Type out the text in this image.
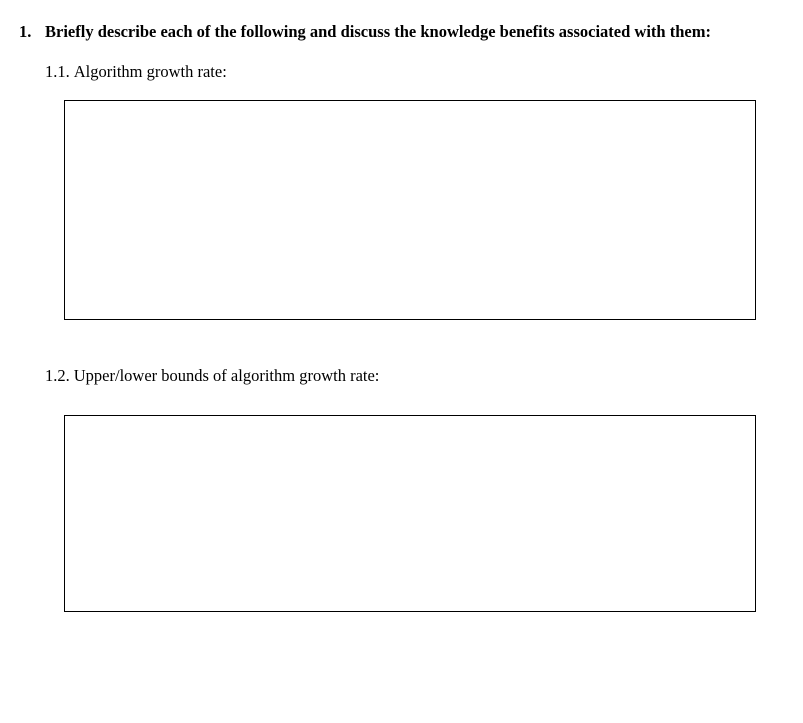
1. Briefly describe each of the following and discuss the knowledge benefits associated with them:
1.1. Algorithm growth rate:
1.2. Upper/lower bounds of algorithm growth rate:
